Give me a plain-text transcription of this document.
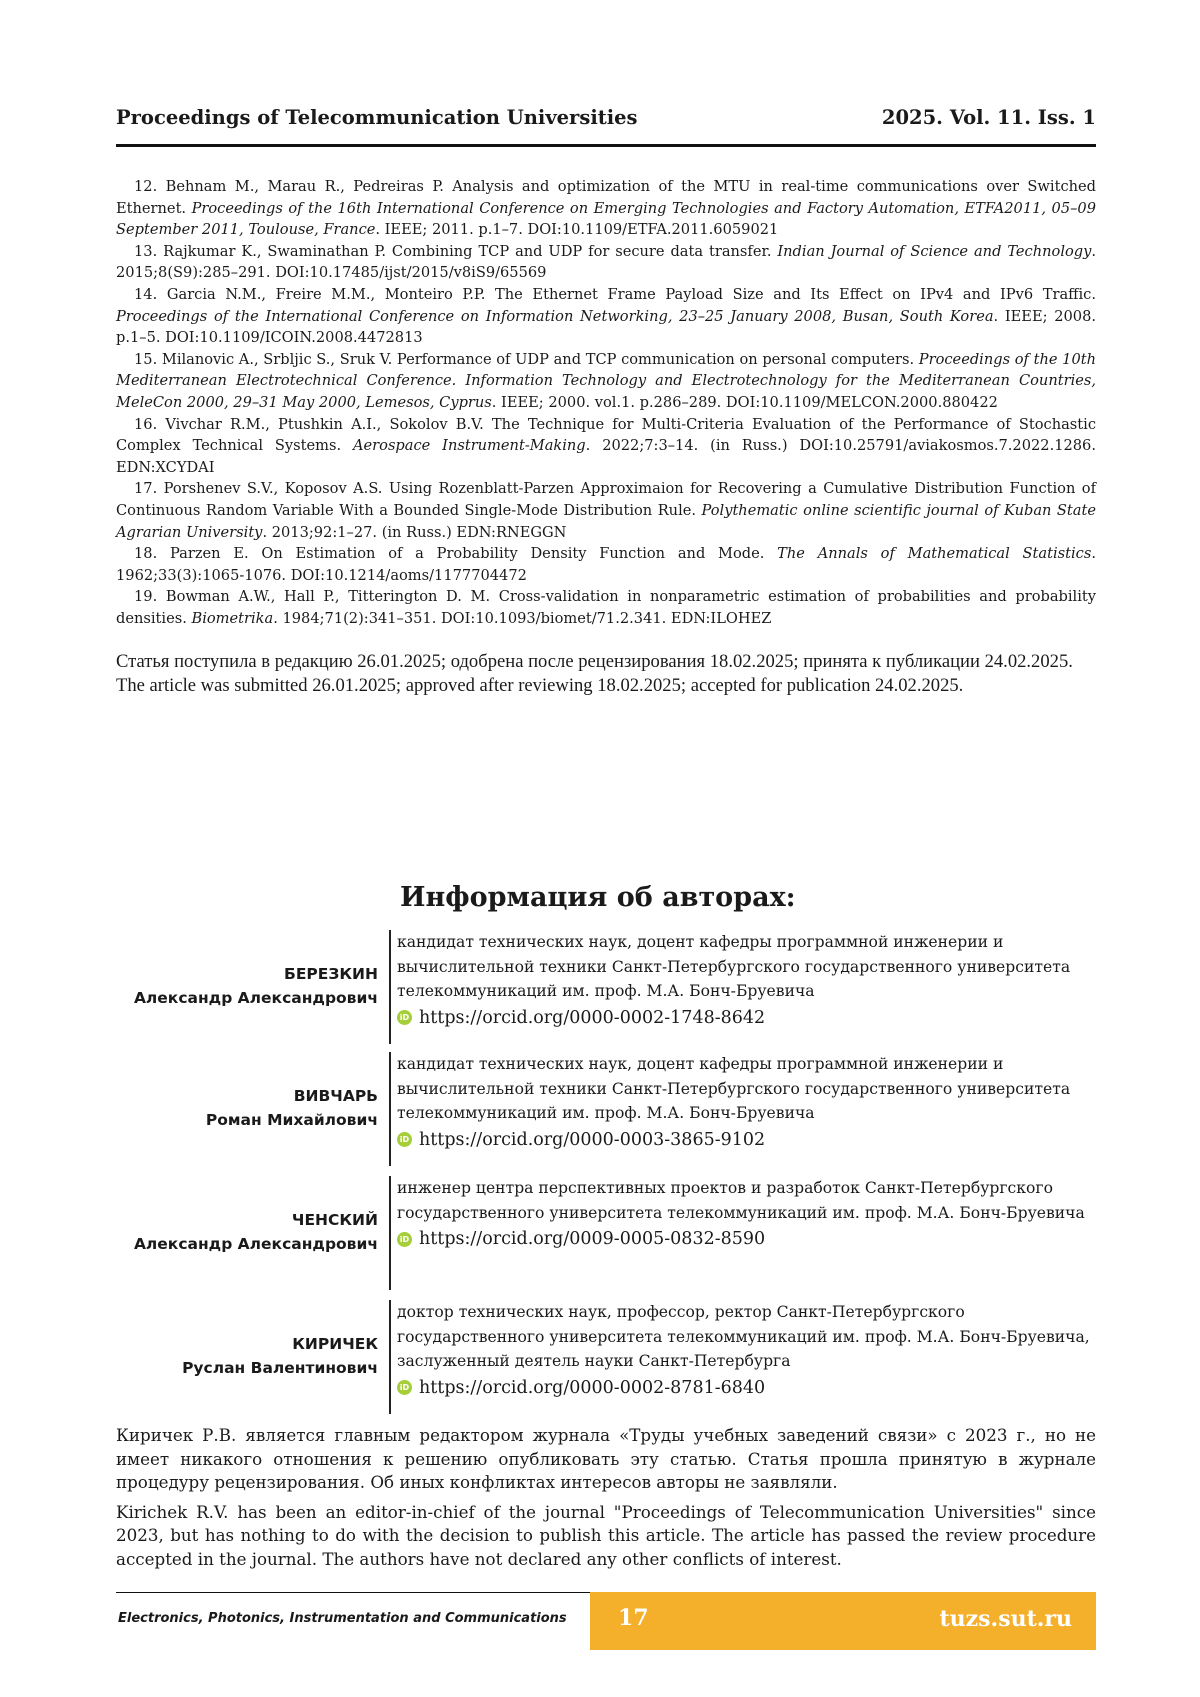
Proceedings of Telecommunication Universities	2025. Vol. 11. Iss. 1

12. Behnam M., Marau R., Pedreiras P. Analysis and optimization of the MTU in real-time communications over Switched Ethernet. Proceedings of the 16th International Conference on Emerging Technologies and Factory Automation, ETFA2011, 05–09 September 2011, Toulouse, France. IEEE; 2011. p.1–7. DOI:10.1109/ETFA.2011.6059021

13. Rajkumar K., Swaminathan P. Combining TCP and UDP for secure data transfer. Indian Journal of Science and Technology. 2015;8(S9):285–291. DOI:10.17485/ijst/2015/v8iS9/65569

14. Garcia N.M., Freire M.M., Monteiro P.P. The Ethernet Frame Payload Size and Its Effect on IPv4 and IPv6 Traffic. Proceedings of the International Conference on Information Networking, 23–25 January 2008, Busan, South Korea. IEEE; 2008. p.1–5. DOI:10.1109/ICOIN.2008.4472813

15. Milanovic A., Srbljic S., Sruk V. Performance of UDP and TCP communication on personal computers. Proceedings of the 10th Mediterranean Electrotechnical Conference. Information Technology and Electrotechnology for the Mediterranean Countries, MeleCon 2000, 29–31 May 2000, Lemesos, Cyprus. IEEE; 2000. vol.1. p.286–289. DOI:10.1109/MELCON.2000.880422

16. Vivchar R.M., Ptushkin A.I., Sokolov B.V. The Technique for Multi-Criteria Evaluation of the Performance of Stochastic Complex Technical Systems. Aerospace Instrument-Making. 2022;7:3–14. (in Russ.) DOI:10.25791/aviakosmos.7.2022.1286. EDN:XCYDAI

17. Porshenev S.V., Koposov A.S. Using Rozenblatt-Parzen Approximaion for Recovering a Cumulative Distribution Function of Continuous Random Variable With a Bounded Single-Mode Distribution Rule. Polythematic online scientific journal of Kuban State Agrarian University. 2013;92:1–27. (in Russ.) EDN:RNEGGN

18. Parzen E. On Estimation of a Probability Density Function and Mode. The Annals of Mathematical Statistics. 1962;33(3):1065-1076. DOI:10.1214/aoms/1177704472

19. Bowman A.W., Hall P., Titterington D. M. Cross-validation in nonparametric estimation of probabilities and probability densities. Biometrika. 1984;71(2):341–351. DOI:10.1093/biomet/71.2.341. EDN:ILOHEZ

Статья поступила в редакцию 26.01.2025; одобрена после рецензирования 18.02.2025; принята к публикации 24.02.2025.

The article was submitted 26.01.2025; approved after reviewing 18.02.2025; accepted for publication 24.02.2025.

Информация об авторах:
БЕРЕЗКИН
Александр Александрович

кандидат технических наук, доцент кафедры программной инженерии и вычислительной техники Санкт-Петербургского государственного университета телекоммуникаций им. проф. М.А. Бонч-Бруевича

iD https://orcid.org/0000-0002-1748-8642
ВИВЧАРЬ
Роман Михайлович

кандидат технических наук, доцент кафедры программной инженерии и вычислительной техники Санкт-Петербургского государственного университета телекоммуникаций им. проф. М.А. Бонч-Бруевича

iD https://orcid.org/0000-0003-3865-9102
ЧЕНСКИЙ
Александр Александрович

инженер центра перспективных проектов и разработок Санкт-Петербургского государственного университета телекоммуникаций им. проф. М.А. Бонч-Бруевича

iD https://orcid.org/0009-0005-0832-8590
КИРИЧЕК
Руслан Валентинович

доктор технических наук, профессор, ректор Санкт-Петербургского государственного университета телекоммуникаций им. проф. М.А. Бонч-Бруевича, заслуженный деятель науки Санкт-Петербурга

iD https://orcid.org/0000-0002-8781-6840

Киричек Р.В. является главным редактором журнала «Труды учебных заведений связи» с 2023 г., но не имеет никакого отношения к решению опубликовать эту статью. Статья прошла принятую в журнале процедуру рецензирования. Об иных конфликтах интересов авторы не заявляли.

Kirichek R.V. has been an editor-in-chief of the journal "Proceedings of Telecommunication Universities" since 2023, but has nothing to do with the decision to publish this article. The article has passed the review procedure accepted in the journal. The authors have not declared any other conflicts of interest.

Electronics, Photonics, Instrumentation and Communications 17	tuzs.sut.ru
